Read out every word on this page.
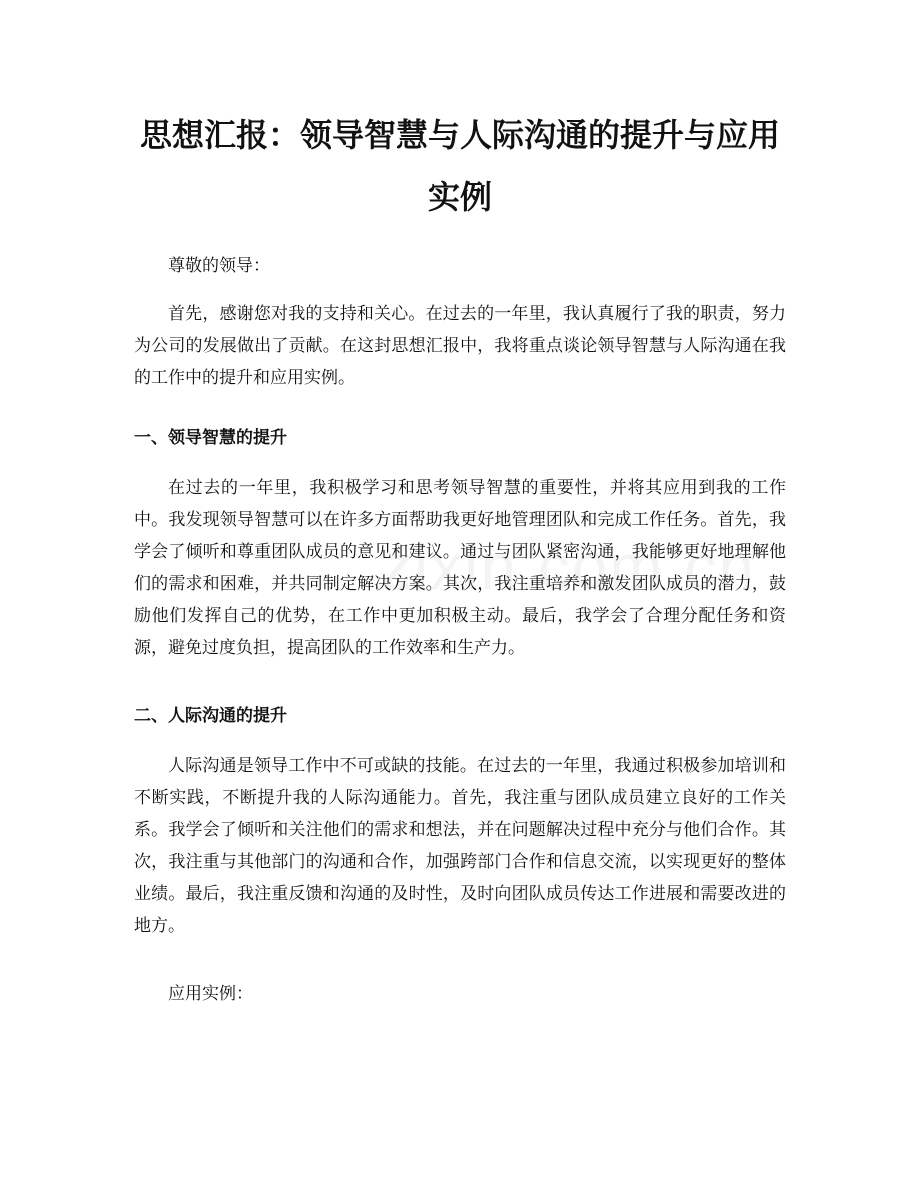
思想汇报：领导智慧与人际沟通的提升与应用实例

尊敬的领导：

首先，感谢您对我的支持和关心。在过去的一年里，我认真履行了我的职责，努力为公司的发展做出了贡献。在这封思想汇报中，我将重点谈论领导智慧与人际沟通在我的工作中的提升和应用实例。

一、领导智慧的提升

在过去的一年里，我积极学习和思考领导智慧的重要性，并将其应用到我的工作中。我发现领导智慧可以在许多方面帮助我更好地管理团队和完成工作任务。首先，我学会了倾听和尊重团队成员的意见和建议。通过与团队紧密沟通，我能够更好地理解他们的需求和困难，并共同制定解决方案。其次，我注重培养和激发团队成员的潜力，鼓励他们发挥自己的优势，在工作中更加积极主动。最后，我学会了合理分配任务和资源，避免过度负担，提高团队的工作效率和生产力。

二、人际沟通的提升

人际沟通是领导工作中不可或缺的技能。在过去的一年里，我通过积极参加培训和不断实践，不断提升我的人际沟通能力。首先，我注重与团队成员建立良好的工作关系。我学会了倾听和关注他们的需求和想法，并在问题解决过程中充分与他们合作。其次，我注重与其他部门的沟通和合作，加强跨部门合作和信息交流，以实现更好的整体业绩。最后，我注重反馈和沟通的及时性，及时向团队成员传达工作进展和需要改进的地方。

应用实例：
